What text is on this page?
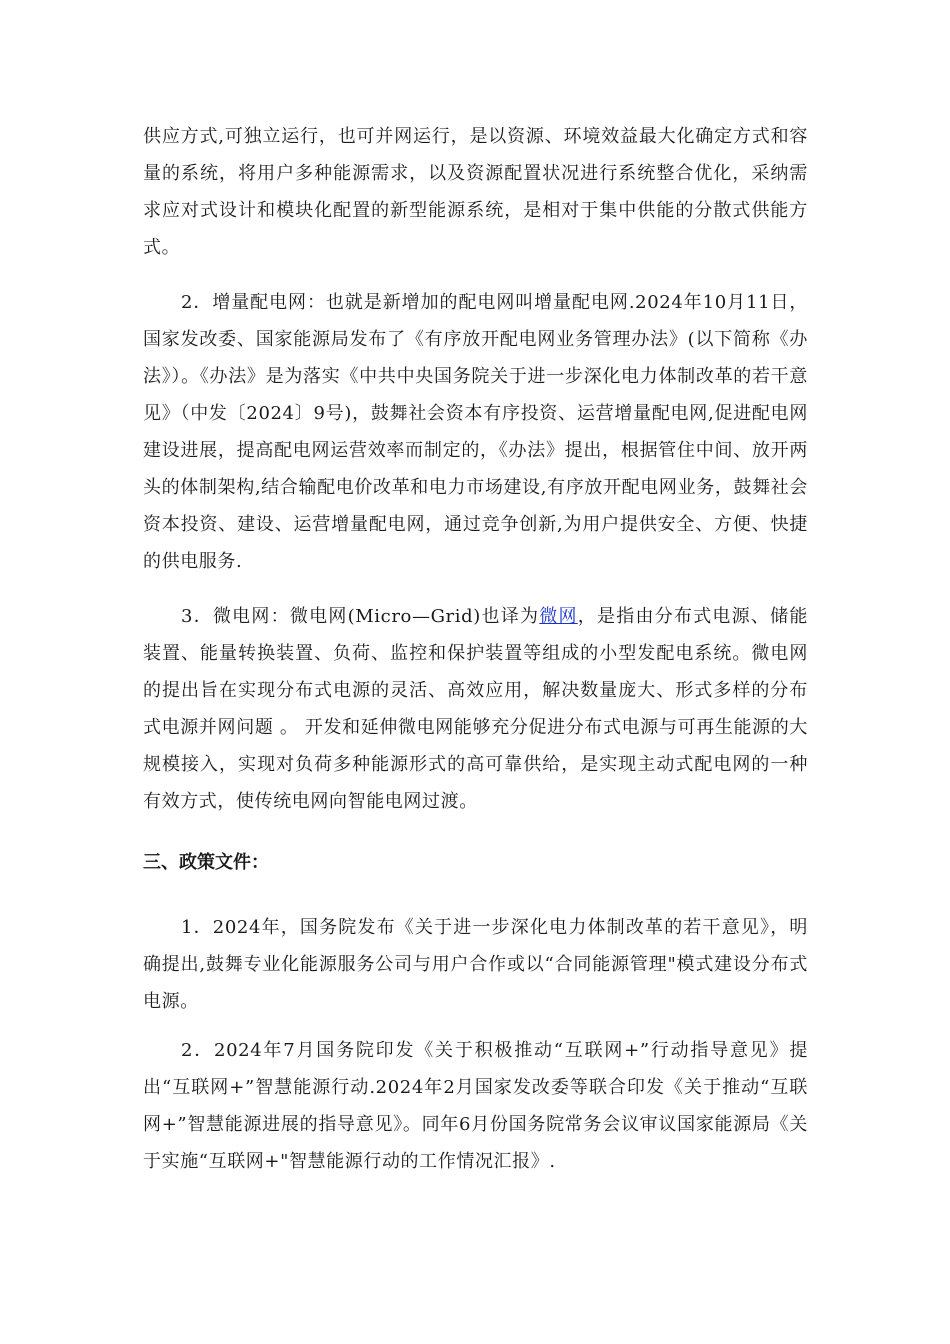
供应方式,可独立运行，也可并网运行，是以资源、环境效益最大化确定方式和容量的系统，将用户多种能源需求，以及资源配置状况进行系统整合优化，采纳需求应对式设计和模块化配置的新型能源系统，是相对于集中供能的分散式供能方式。

2．增量配电网：也就是新增加的配电网叫增量配电网.2024年10月11日，国家发改委、国家能源局发布了《有序放开配电网业务管理办法》(以下简称《办法》）。《办法》是为落实《中共中央国务院关于进一步深化电力体制改革的若干意见》（中发〔2024〕9号)，鼓舞社会资本有序投资、运营增量配电网,促进配电网建设进展，提高配电网运营效率而制定的，《办法》提出，根据管住中间、放开两头的体制架构,结合输配电价改革和电力市场建设,有序放开配电网业务，鼓舞社会资本投资、建设、运营增量配电网，通过竞争创新,为用户提供安全、方便、快捷的供电服务.

3．微电网：微电网(Micro—Grid)也译为微网，是指由分布式电源、储能装置、能量转换装置、负荷、监控和保护装置等组成的小型发配电系统。微电网的提出旨在实现分布式电源的灵活、高效应用，解决数量庞大、形式多样的分布式电源并网问题 。 开发和延伸微电网能够充分促进分布式电源与可再生能源的大规模接入，实现对负荷多种能源形式的高可靠供给，是实现主动式配电网的一种有效方式，使传统电网向智能电网过渡。

三、政策文件：

1．2024年，国务院发布《关于进一步深化电力体制改革的若干意见》，明确提出,鼓舞专业化能源服务公司与用户合作或以“合同能源管理"模式建设分布式电源。

2．2024年7月国务院印发《关于积极推动“互联网+”行动指导意见》提出“互联网+”智慧能源行动.2024年2月国家发改委等联合印发《关于推动“互联网+”智慧能源进展的指导意见》。同年6月份国务院常务会议审议国家能源局《关于实施“互联网+"智慧能源行动的工作情况汇报》.
